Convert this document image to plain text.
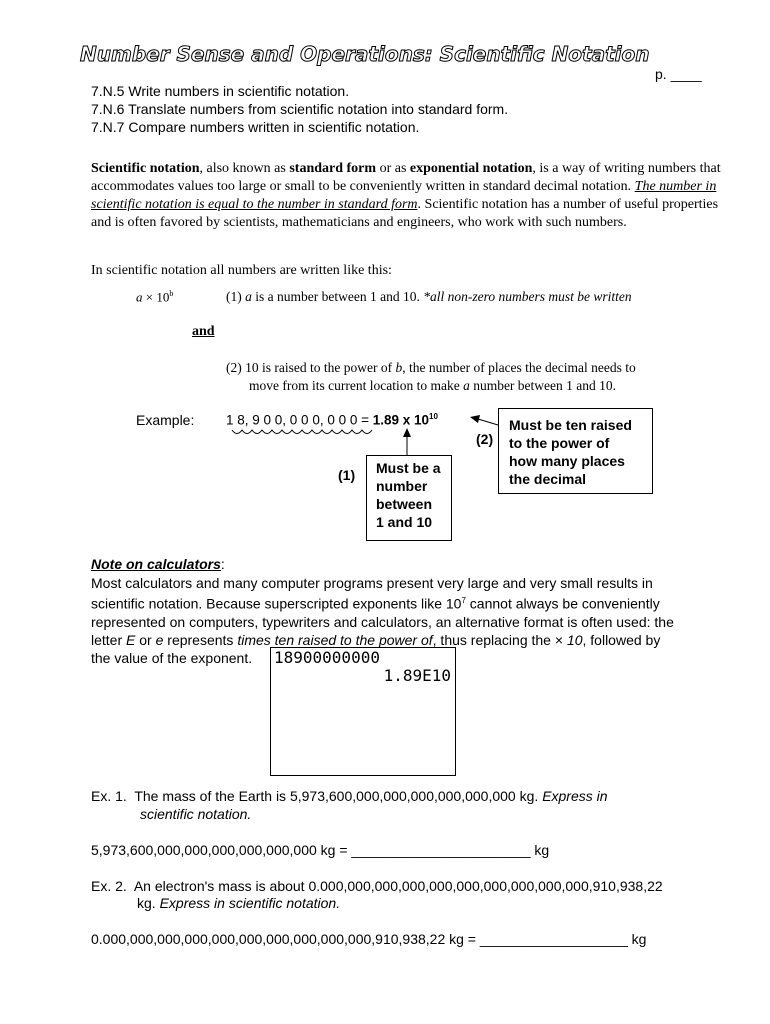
Number Sense and Operations: Scientific Notation
p. ____
7.N.5 Write numbers in scientific notation.
7.N.6 Translate numbers from scientific notation into standard form.
7.N.7 Compare numbers written in scientific notation.
Scientific notation, also known as standard form or as exponential notation, is a way of writing numbers that accommodates values too large or small to be conveniently written in standard decimal notation. The number in scientific notation is equal to the number in standard form. Scientific notation has a number of useful properties and is often favored by scientists, mathematicians and engineers, who work with such numbers.
In scientific notation all numbers are written like this:
$a \times 10^b$	(1) a is a number between 1 and 10. *all non-zero numbers must be written
and
(2) 10 is raised to the power of b, the number of places the decimal needs to
move from its current location to make a number between 1 and 10.
Example: 1 8, 9 0 0, 0 0 0, 0 0 0 = 1.89 x $10^{10}$
(1)
(2)
Must be a
number
between
1 and 10
Must be ten raised
to the power of
how many places
the decimal
Note on calculators:
Most calculators and many computer programs present very large and very small results in
scientific notation. Because superscripted exponents like $10^7$ cannot always be conveniently
represented on computers, typewriters and calculators, an alternative format is often used: the
letter E or e represents times ten raised to the power of, thus replacing the × 10, followed by
the value of the exponent.	18900000000
1.89E10
Ex. 1. The mass of the Earth is 5,973,600,000,000,000,000,000,000 kg. Express in
scientific notation.
5,973,600,000,000,000,000,000,000 kg = _______________________ kg
Ex. 2. An electron's mass is about 0.000,000,000,000,000,000,000,000,000,000,910,938,22
kg. Express in scientific notation.
0.000,000,000,000,000,000,000,000,000,000,910,938,22 kg = ___________________ kg
